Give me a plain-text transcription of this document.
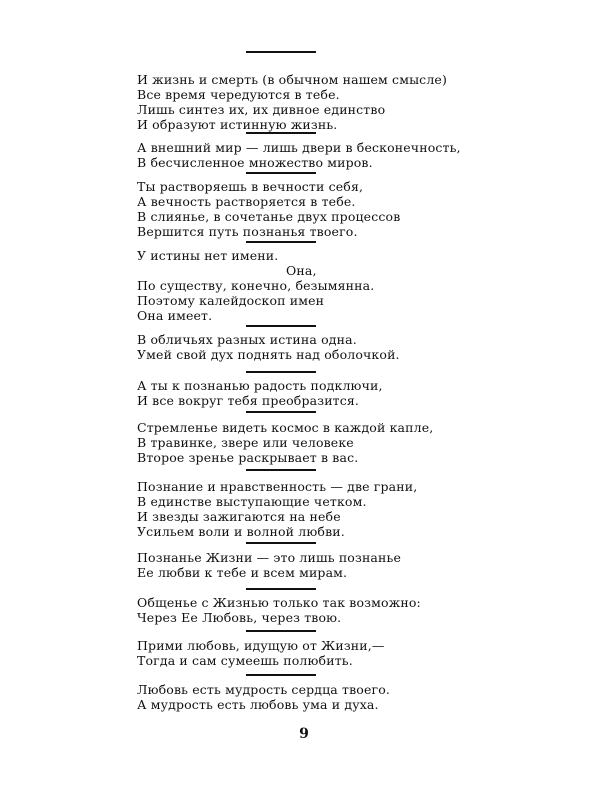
И жизнь и смерть (в обычном нашем смысле)
Все время чередуются в тебе.
Лишь синтез их, их дивное единство
И образуют истинную жизнь.
А внешний мир — лишь двери в бесконечность,
В бесчисленное множество миров.
Ты растворяешь в вечности себя,
А вечность растворяется в тебе.
В слиянье, в сочетанье двух процессов
Вершится путь познанья твоего.
У истины нет имени.
Она,
По существу, конечно, безымянна.
Поэтому калейдоскоп имен
Она имеет.
В обличьях разных истина одна.
Умей свой дух поднять над оболочкой.
А ты к познанью радость подключи,
И все вокруг тебя преобразится.
Стремленье видеть космос в каждой капле,
В травинке, звере или человеке
Второе зренье раскрывает в вас.
Познание и нравственность — две грани,
В единстве выступающие четком.
И звезды зажигаются на небе
Усильем воли и волной любви.
Познанье Жизни — это лишь познанье
Ее любви к тебе и всем мирам.
Общенье с Жизнью только так возможно:
Через Ее Любовь, через твою.
Прими любовь, идущую от Жизни,—
Тогда и сам сумеешь полюбить.
Любовь есть мудрость сердца твоего.
А мудрость есть любовь ума и духа.
9
